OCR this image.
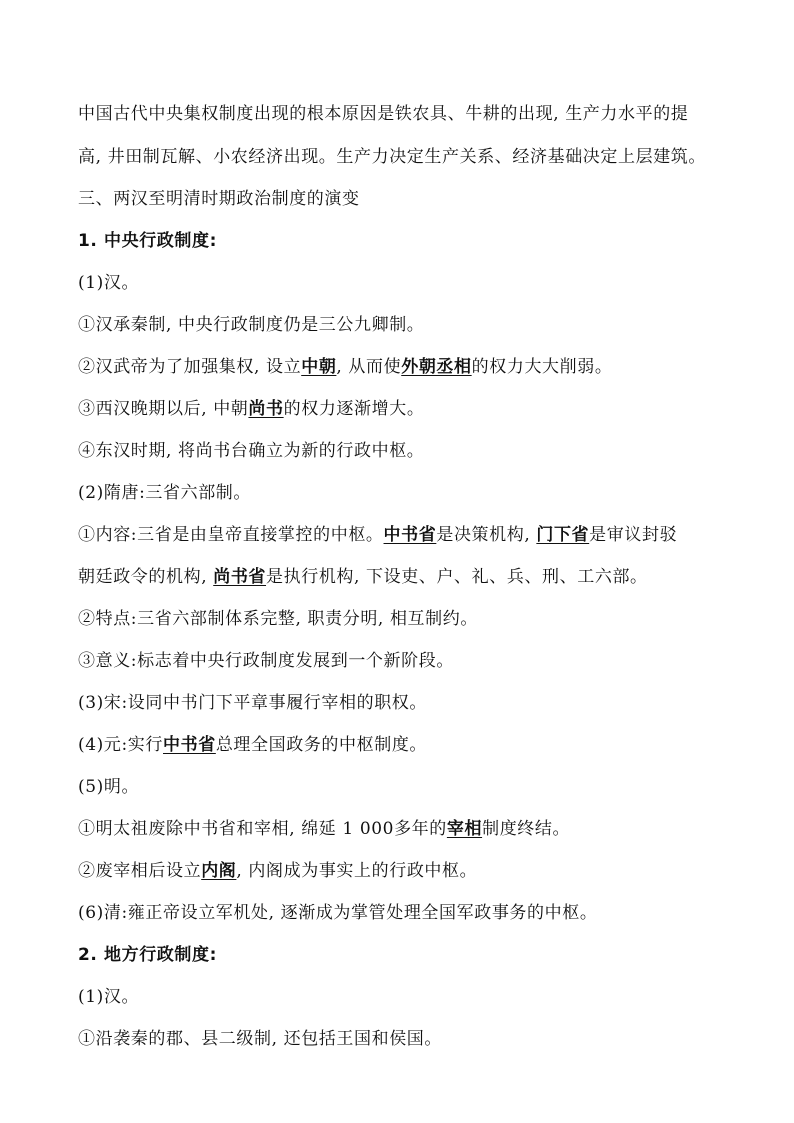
中国古代中央集权制度出现的根本原因是铁农具、牛耕的出现, 生产力水平的提
高, 井田制瓦解、小农经济出现。生产力决定生产关系、经济基础决定上层建筑。
三、两汉至明清时期政治制度的演变
1. 中央行政制度:
(1)汉。
①汉承秦制, 中央行政制度仍是三公九卿制。
②汉武帝为了加强集权, 设立中朝, 从而使外朝丞相的权力大大削弱。
③西汉晚期以后, 中朝尚书的权力逐渐增大。
④东汉时期, 将尚书台确立为新的行政中枢。
(2)隋唐:三省六部制。
①内容:三省是由皇帝直接掌控的中枢。中书省是决策机构, 门下省是审议封驳
朝廷政令的机构, 尚书省是执行机构, 下设吏、户、礼、兵、刑、工六部。
②特点:三省六部制体系完整, 职责分明, 相互制约。
③意义:标志着中央行政制度发展到一个新阶段。
(3)宋:设同中书门下平章事履行宰相的职权。
(4)元:实行中书省总理全国政务的中枢制度。
(5)明。
①明太祖废除中书省和宰相, 绵延 1 000多年的宰相制度终结。
②废宰相后设立内阁, 内阁成为事实上的行政中枢。
(6)清:雍正帝设立军机处, 逐渐成为掌管处理全国军政事务的中枢。
2. 地方行政制度:
(1)汉。
①沿袭秦的郡、县二级制, 还包括王国和侯国。
